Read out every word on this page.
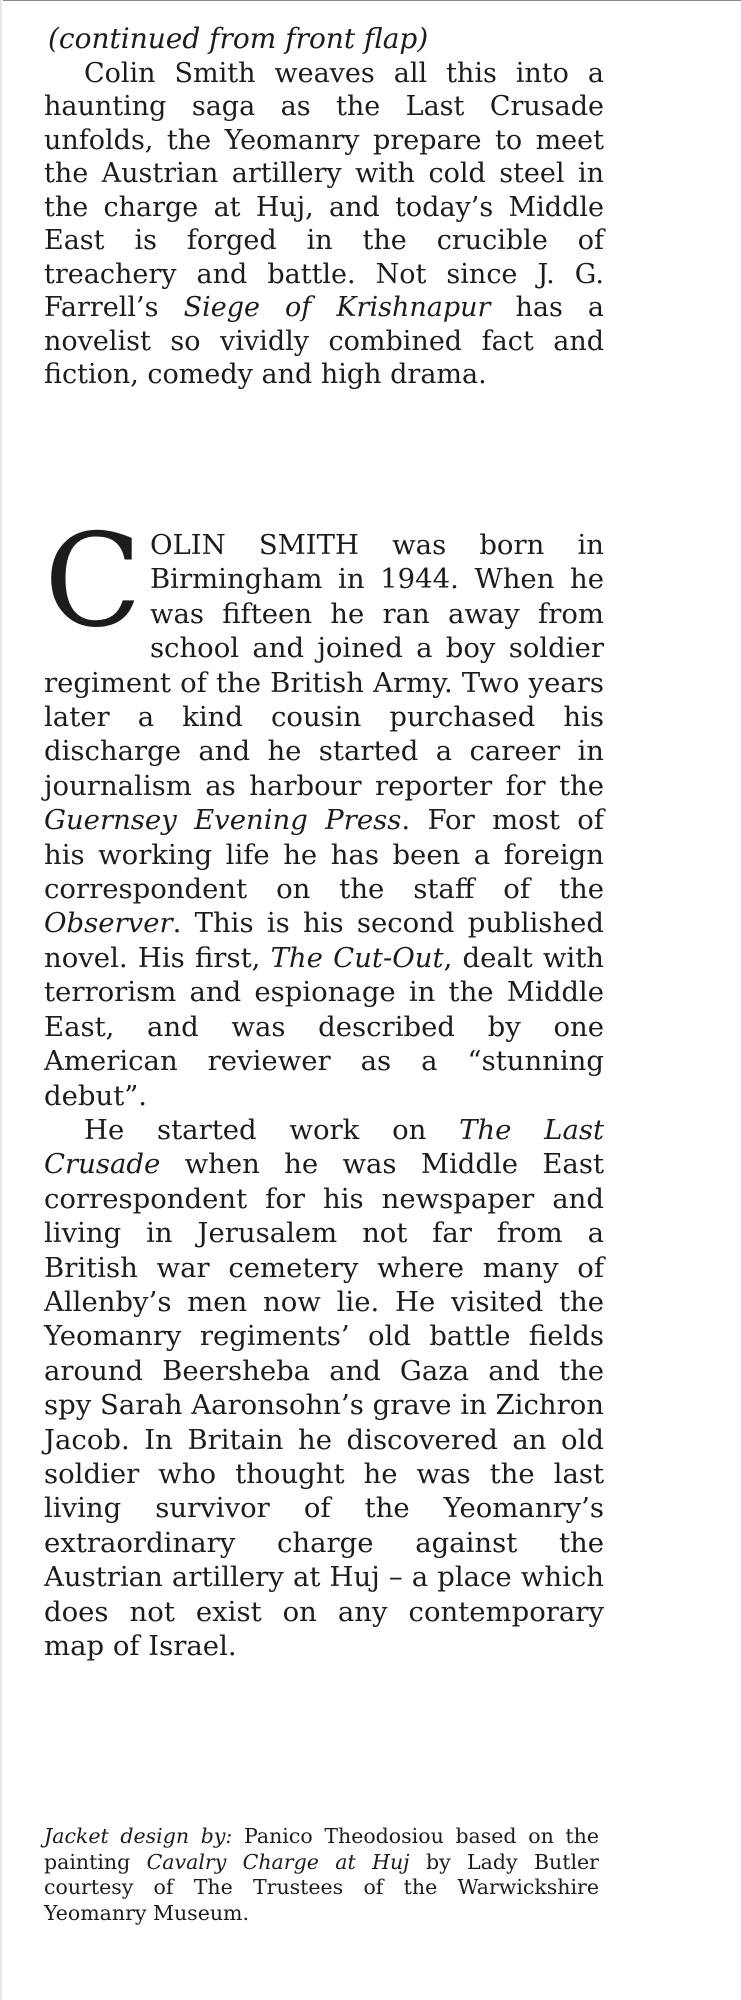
(continued from front flap)
Colin Smith weaves all this into a haunting saga as the Last Crusade unfolds, the Yeomanry prepare to meet the Austrian artillery with cold steel in the charge at Huj, and today’s Middle East is forged in the crucible of treachery and battle. Not since J. G. Farrell’s Siege of Krishnapur has a novelist so vividly combined fact and fiction, comedy and high drama.

COLIN SMITH was born in Birmingham in 1944. When he was fifteen he ran away from school and joined a boy soldier regiment of the British Army. Two years later a kind cousin purchased his discharge and he started a career in journalism as harbour reporter for the Guernsey Evening Press. For most of his working life he has been a foreign correspondent on the staff of the Observer. This is his second published novel. His first, The Cut-Out, dealt with terrorism and espionage in the Middle East, and was described by one American reviewer as a “stunning debut”.

He started work on The Last Crusade when he was Middle East correspondent for his newspaper and living in Jerusalem not far from a British war cemetery where many of Allenby’s men now lie. He visited the Yeomanry regiments’ old battle fields around Beersheba and Gaza and the spy Sarah Aaronsohn’s grave in Zichron Jacob. In Britain he discovered an old soldier who thought he was the last living survivor of the Yeomanry’s extraordinary charge against the Austrian artillery at Huj – a place which does not exist on any contemporary map of Israel.

Jacket design by: Panico Theodosiou based on the painting Cavalry Charge at Huj by Lady Butler courtesy of The Trustees of the Warwickshire Yeomanry Museum.
